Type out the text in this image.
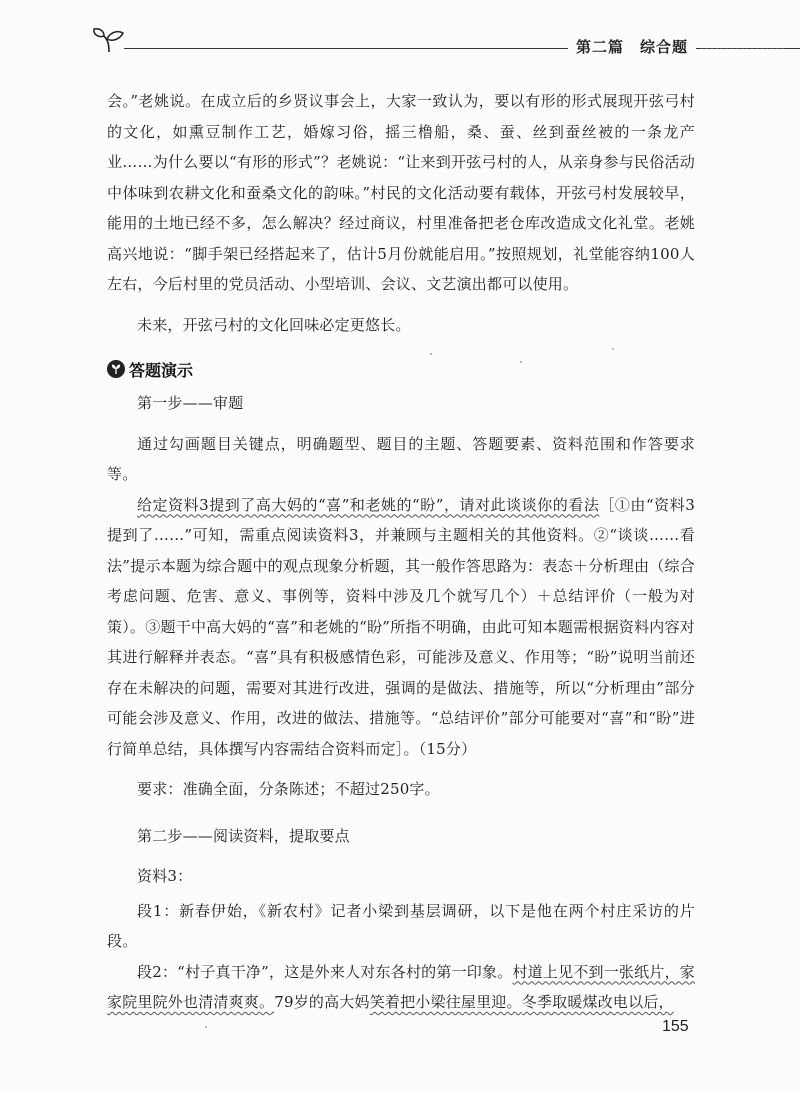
第二篇　综合题

会。”老姚说。在成立后的乡贤议事会上，大家一致认为，要以有形的形式展现开弦弓村的文化，如熏豆制作工艺，婚嫁习俗，摇三橹船，桑、蚕、丝到蚕丝被的一条龙产业……为什么要以“有形的形式”？老姚说：“让来到开弦弓村的人，从亲身参与民俗活动中体味到农耕文化和蚕桑文化的韵味。”村民的文化活动要有载体，开弦弓村发展较早，能用的土地已经不多，怎么解决？经过商议，村里准备把老仓库改造成文化礼堂。老姚高兴地说：“脚手架已经搭起来了，估计5月份就能启用。”按照规划，礼堂能容纳100人左右，今后村里的党员活动、小型培训、会议、文艺演出都可以使用。

未来，开弦弓村的文化回味必定更悠长。

答题演示

第一步——审题

通过勾画题目关键点，明确题型、题目的主题、答题要素、资料范围和作答要求等。

给定资料3提到了高大妈的“喜”和老姚的“盼”，请对此谈谈你的看法［①由“资料3提到了……”可知，需重点阅读资料3，并兼顾与主题相关的其他资料。②“谈谈……看法”提示本题为综合题中的观点现象分析题，其一般作答思路为：表态＋分析理由（综合考虑问题、危害、意义、事例等，资料中涉及几个就写几个）＋总结评价（一般为对策）。③题干中高大妈的“喜”和老姚的“盼”所指不明确，由此可知本题需根据资料内容对其进行解释并表态。“喜”具有积极感情色彩，可能涉及意义、作用等；“盼”说明当前还存在未解决的问题，需要对其进行改进，强调的是做法、措施等，所以“分析理由”部分可能会涉及意义、作用，改进的做法、措施等。“总结评价”部分可能要对“喜”和“盼”进行简单总结，具体撰写内容需结合资料而定］。（15分）

要求：准确全面，分条陈述；不超过250字。

第二步——阅读资料，提取要点

资料3：

段1：新春伊始，《新农村》记者小梁到基层调研，以下是他在两个村庄采访的片段。

段2：“村子真干净”，这是外来人对东各村的第一印象。村道上见不到一张纸片，家家院里院外也清清爽爽。79岁的高大妈笑着把小梁往屋里迎。冬季取暖煤改电以后，

155
